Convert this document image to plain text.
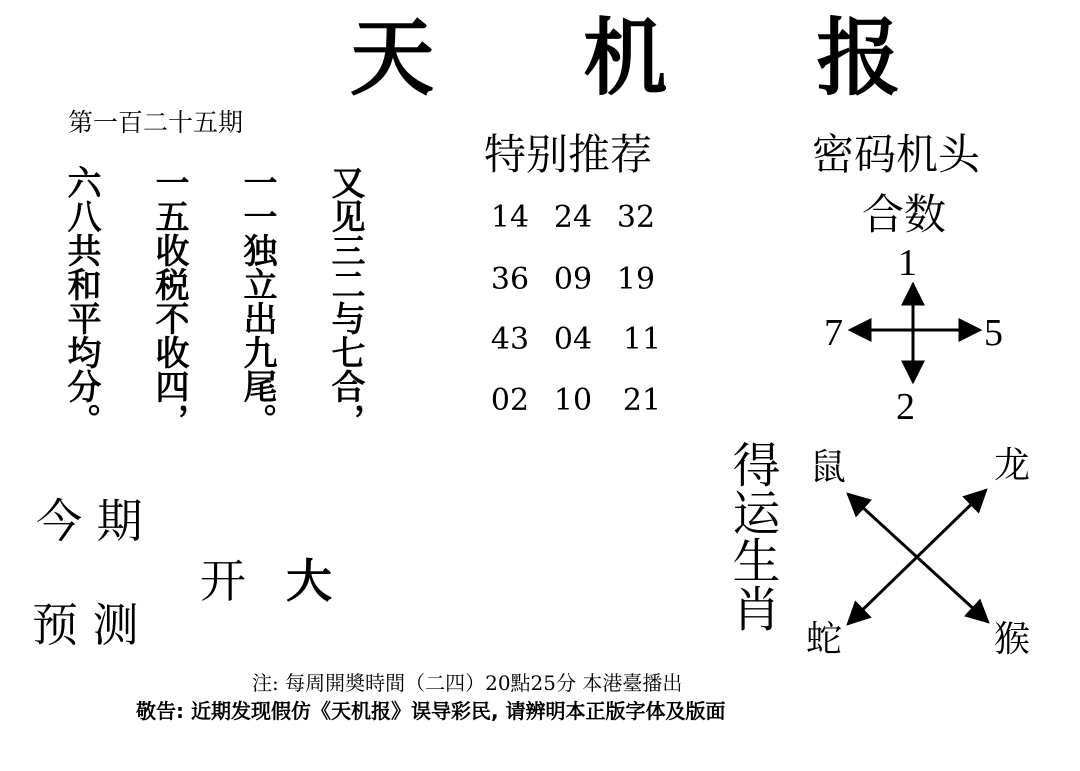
天 机 报
第一百二十五期
六八共和平均分。	一五收税不收四，	一一独立出九尾。	又见三二与七合，
今 期
开 大
预 测
特别推荐
14 24 32
36 09 19
43 04 11
02 10 21
密码机头
合数
1
7	5
2
得运生肖 鼠	龙
蛇	猴
注: 每周開奬時間（二四）20點25分 本港臺播出
敬告: 近期发现假仿《天机报》误导彩民, 请辨明本正版字体及版面
